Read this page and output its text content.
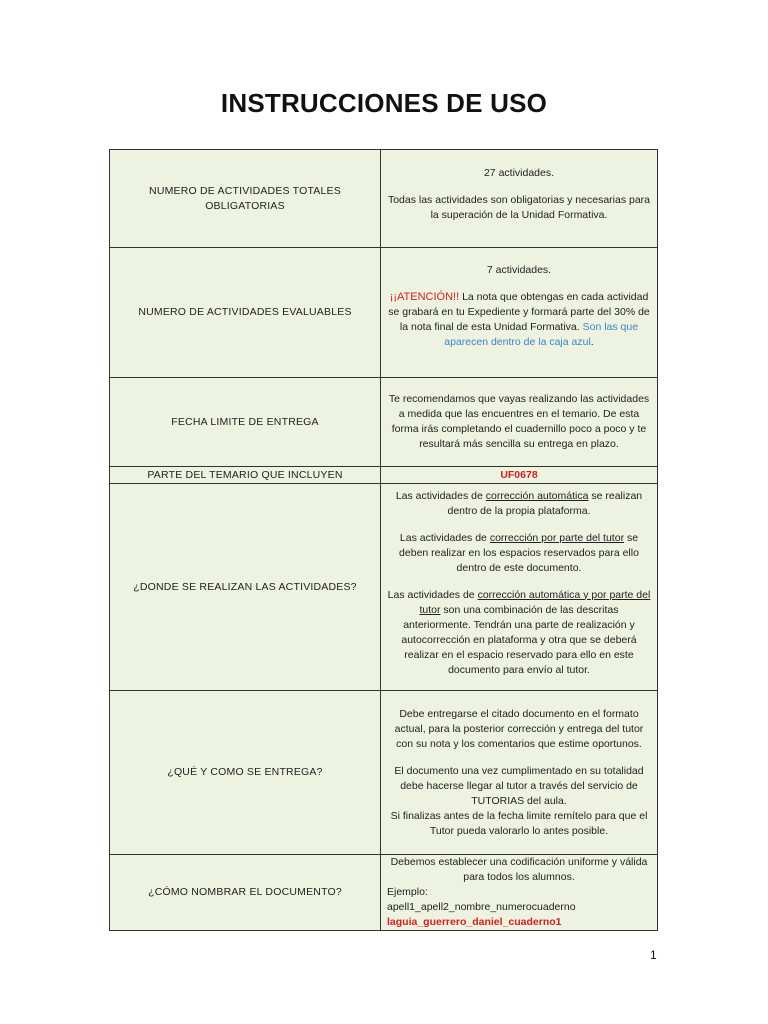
INSTRUCCIONES DE USO
NUMERO DE ACTIVIDADES TOTALES OBLIGATORIAS	27 actividades.
Todas las actividades son obligatorias y necesarias para la superación de la Unidad Formativa.

NUMERO DE ACTIVIDADES EVALUABLES	7 actividades.
¡¡ATENCIÓN!! La nota que obtengas en cada actividad se grabará en tu Expediente y formará parte del 30% de la nota final de esta Unidad Formativa. Son las que aparecen dentro de la caja azul.

FECHA LIMITE DE ENTREGA	Te recomendamos que vayas realizando las actividades a medida que las encuentres en el temario. De esta forma irás completando el cuadernillo poco a poco y te resultará más sencilla su entrega en plazo.
PARTE DEL TEMARIO QUE INCLUYEN	UF0678
¿DONDE SE REALIZAN LAS ACTIVIDADES?	Las actividades de corrección automática se realizan dentro de la propia plataforma.
Las actividades de corrección por parte del tutor se deben realizar en los espacios reservados para ello dentro de este documento.
Las actividades de corrección automática y por parte del tutor son una combinación de las descritas anteriormente. Tendrán una parte de realización y autocorrección en plataforma y otra que se deberá realizar en el espacio reservado para ello en este documento para envío al tutor.

¿QUÉ Y COMO SE ENTREGA?	Debe entregarse el citado documento en el formato actual, para la posterior corrección y entrega del tutor con su nota y los comentarios que estime oportunos.
El documento una vez cumplimentado en su totalidad debe hacerse llegar al tutor a través del servicio de TUTORIAS del aula.
Si finalizas antes de la fecha limite remítelo para que el Tutor pueda valorarlo lo antes posible.

¿CÓMO NOMBRAR EL DOCUMENTO?	Debemos establecer una codificación uniforme y válida para todos los alumnos.
Ejemplo:
apell1_apell2_nombre_numerocuaderno
laguia_guerrero_daniel_cuaderno1
1
